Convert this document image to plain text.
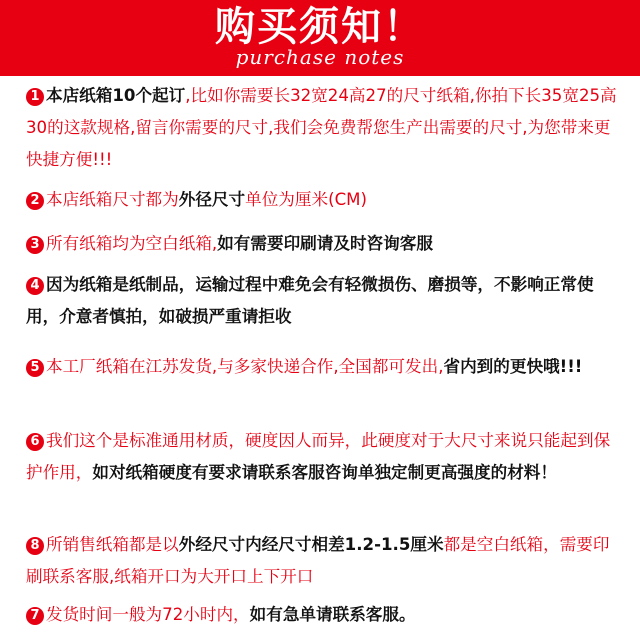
购买须知！
purchase notes
1 本店纸箱10个起订,比如你需要长32宽24高27的尺寸纸箱,你拍下长35宽25高30的这款规格,留言你需要的尺寸,我们会免费帮您生产出需要的尺寸,为您带来更快捷方便!!!
2 本店纸箱尺寸都为外径尺寸单位为厘米(CM)
3 所有纸箱均为空白纸箱,如有需要印刷请及时咨询客服
4 因为纸箱是纸制品，运输过程中难免会有轻微损伤、磨损等，不影响正常使用，介意者慎拍，如破损严重请拒收
5 本工厂纸箱在江苏发货,与多家快递合作,全国都可发出,省内到的更快哦!!!
6 我们这个是标准通用材质，硬度因人而异，此硬度对于大尺寸来说只能起到保护作用，如对纸箱硬度有要求请联系客服咨询单独定制更高强度的材料！
8 所销售纸箱都是以外经尺寸内经尺寸相差1.2-1.5厘米都是空白纸箱，需要印刷联系客服,纸箱开口为大开口上下开口
7 发货时间一般为72小时内，如有急单请联系客服。
